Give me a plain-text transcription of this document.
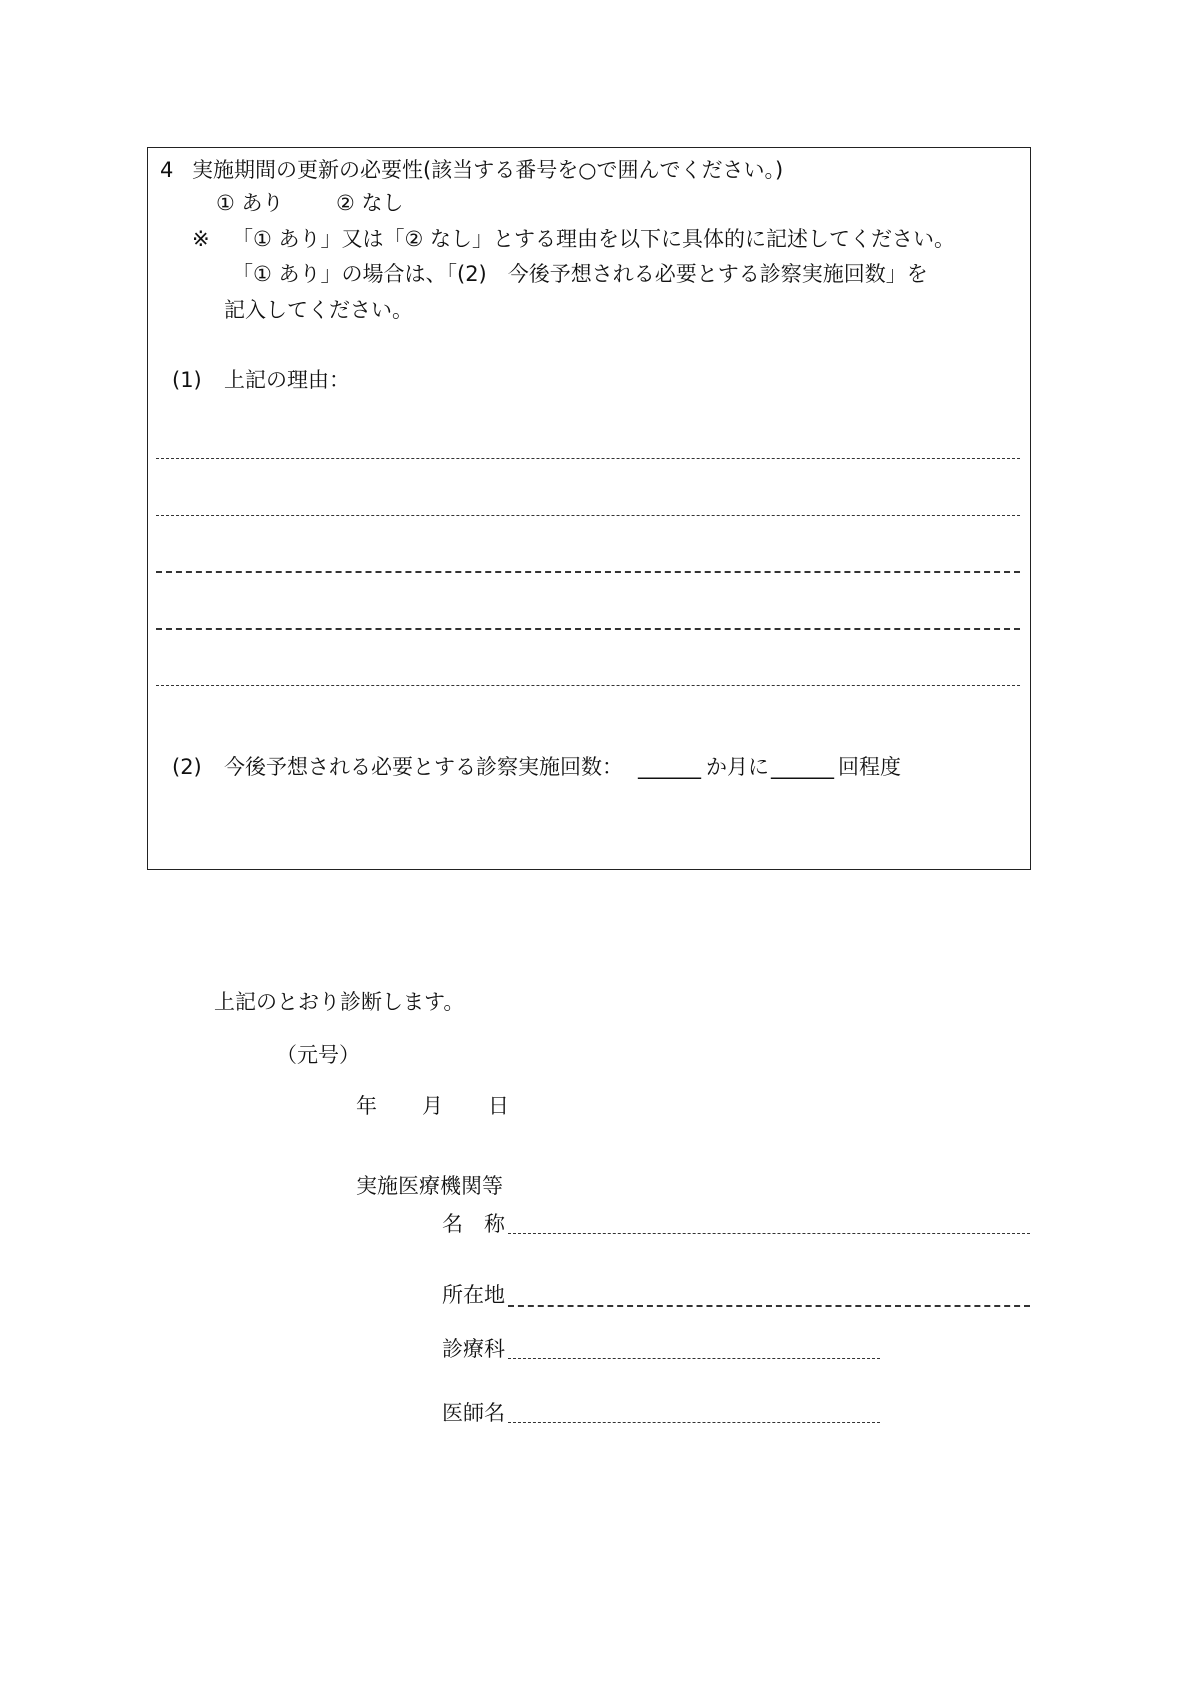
4 実施期間の更新の必要性(該当する番号を○で囲んでください。)
① あり ② なし
※ 「① あり」又は「② なし」とする理由を以下に具体的に記述してください。
「① あり」の場合は、「(2)　今後予想される必要とする診察実施回数」を
記入してください。
(1) 上記の理由：
(2) 今後予想される必要とする診察実施回数： ______ か月に ______ 回程度
上記のとおり診断します。
（元号）
年 月 日
実施医療機関等
名　称
所在地
診療科
医師名
